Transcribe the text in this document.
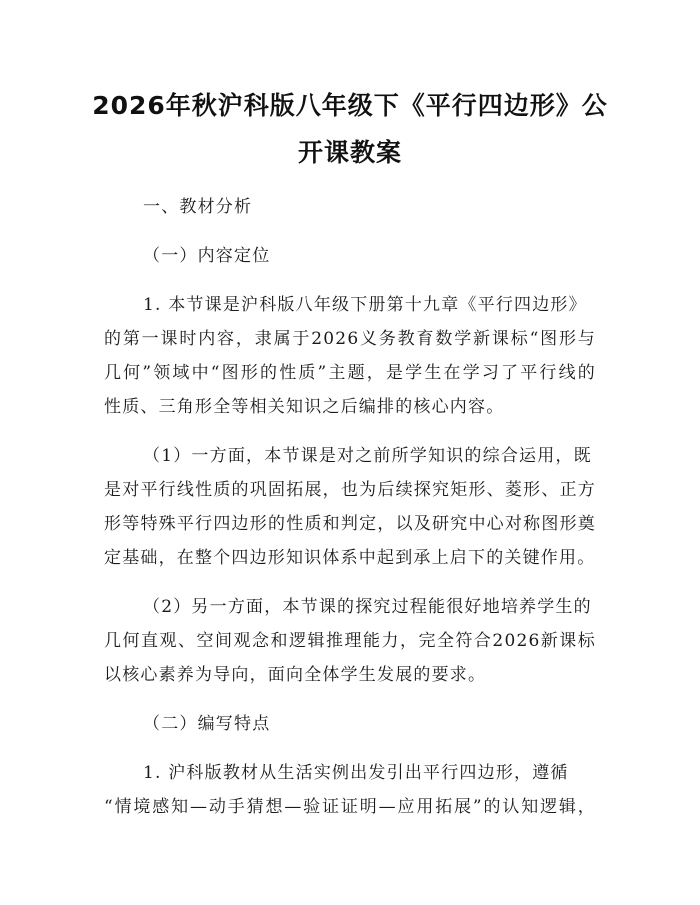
2026年秋沪科版八年级下《平行四边形》公
开课教案
一、教材分析
（一）内容定位
1. 本节课是沪科版八年级下册第十九章《平行四边形》
的第一课时内容，隶属于2026义务教育数学新课标“图形与
几何”领域中“图形的性质”主题，是学生在学习了平行线的
性质、三角形全等相关知识之后编排的核心内容。
（1）一方面，本节课是对之前所学知识的综合运用，既
是对平行线性质的巩固拓展，也为后续探究矩形、菱形、正方
形等特殊平行四边形的性质和判定，以及研究中心对称图形奠
定基础，在整个四边形知识体系中起到承上启下的关键作用。
（2）另一方面，本节课的探究过程能很好地培养学生的
几何直观、空间观念和逻辑推理能力，完全符合2026新课标
以核心素养为导向，面向全体学生发展的要求。
（二）编写特点
1. 沪科版教材从生活实例出发引出平行四边形，遵循
“情境感知—动手猜想—验证证明—应用拓展”的认知逻辑，
